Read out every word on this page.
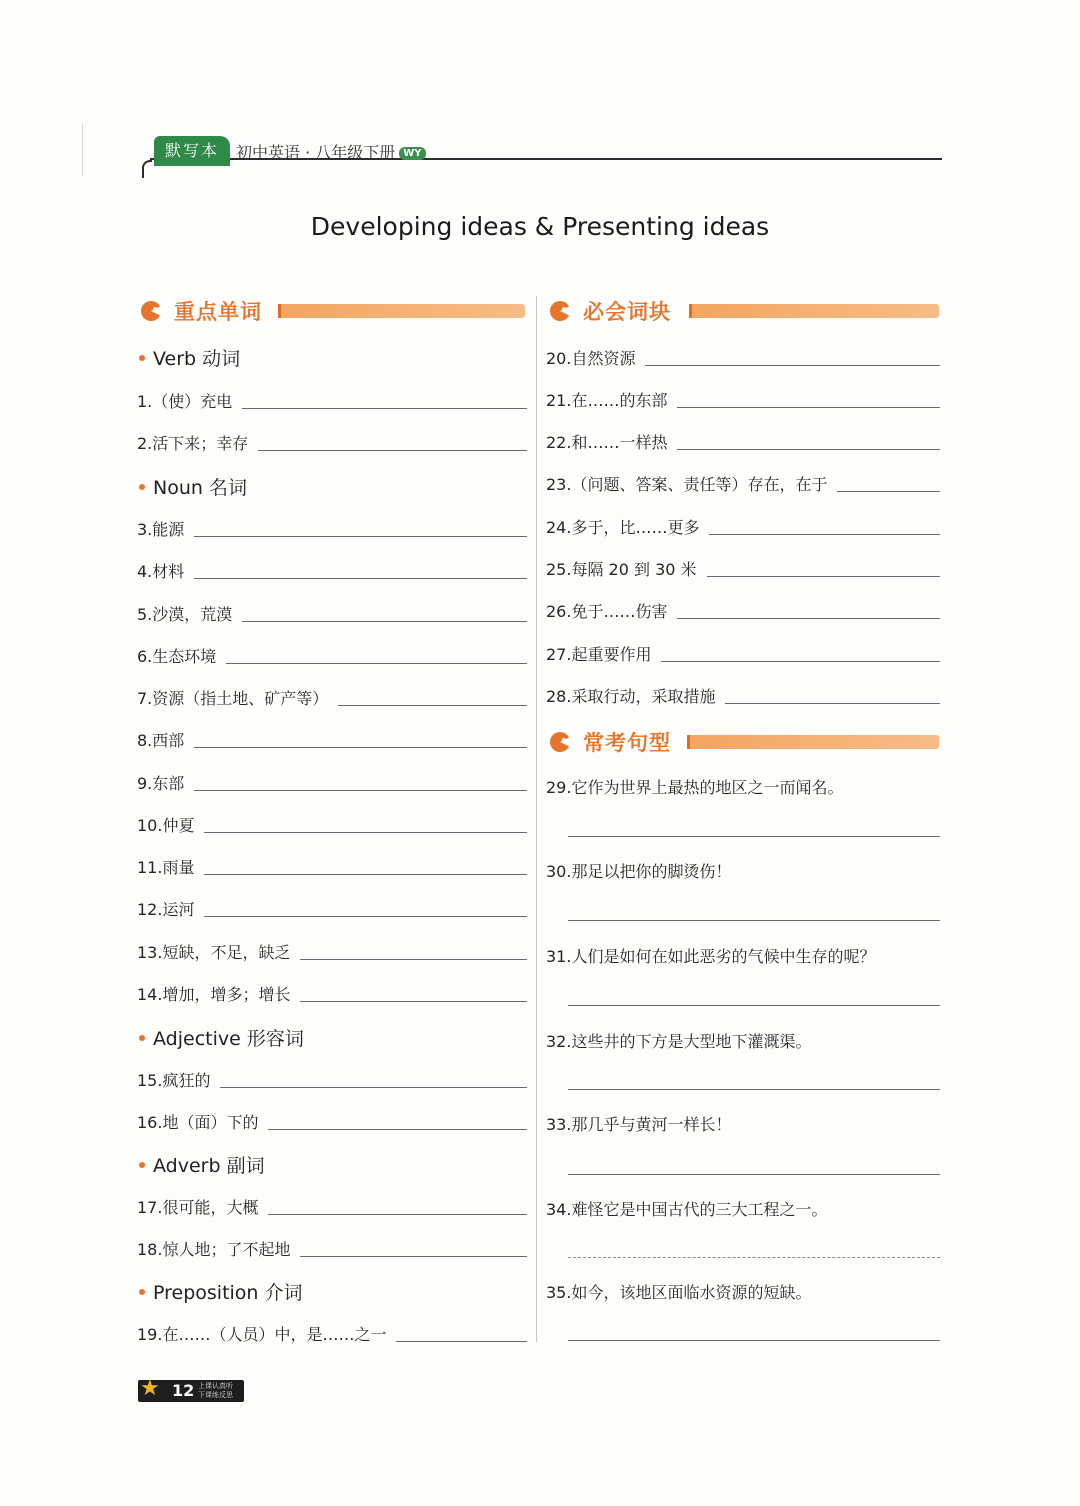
默写本	初中英语 · 八年级下册 WY
Developing ideas & Presenting ideas
重点单词	必会词块
常考句型
Verb 动词
1.（使）充电
2.活下来；幸存
Noun 名词
3.能源
4.材料
5.沙漠，荒漠
6.生态环境
7.资源（指土地、矿产等）
8.西部
9.东部
10.仲夏
11.雨量
12.运河
13.短缺，不足，缺乏
14.增加，增多；增长
Adjective 形容词
15.疯狂的
16.地（面）下的
Adverb 副词
17.很可能，大概
18.惊人地；了不起地
Preposition 介词
19.在……（人员）中，是……之一
20.自然资源
21.在……的东部
22.和……一样热
23.（问题、答案、责任等）存在，在于
24.多于，比……更多
25.每隔 20 到 30 米
26.免于……伤害
27.起重要作用
28.采取行动，采取措施
29.它作为世界上最热的地区之一而闻名。
30.那足以把你的脚烫伤！
31.人们是如何在如此恶劣的气候中生存的呢？
32.这些井的下方是大型地下灌溉渠。
33.那几乎与黄河一样长！
34.难怪它是中国古代的三大工程之一。
35.如今，该地区面临水资源的短缺。
★ 12 上课认真听 下课练反思
